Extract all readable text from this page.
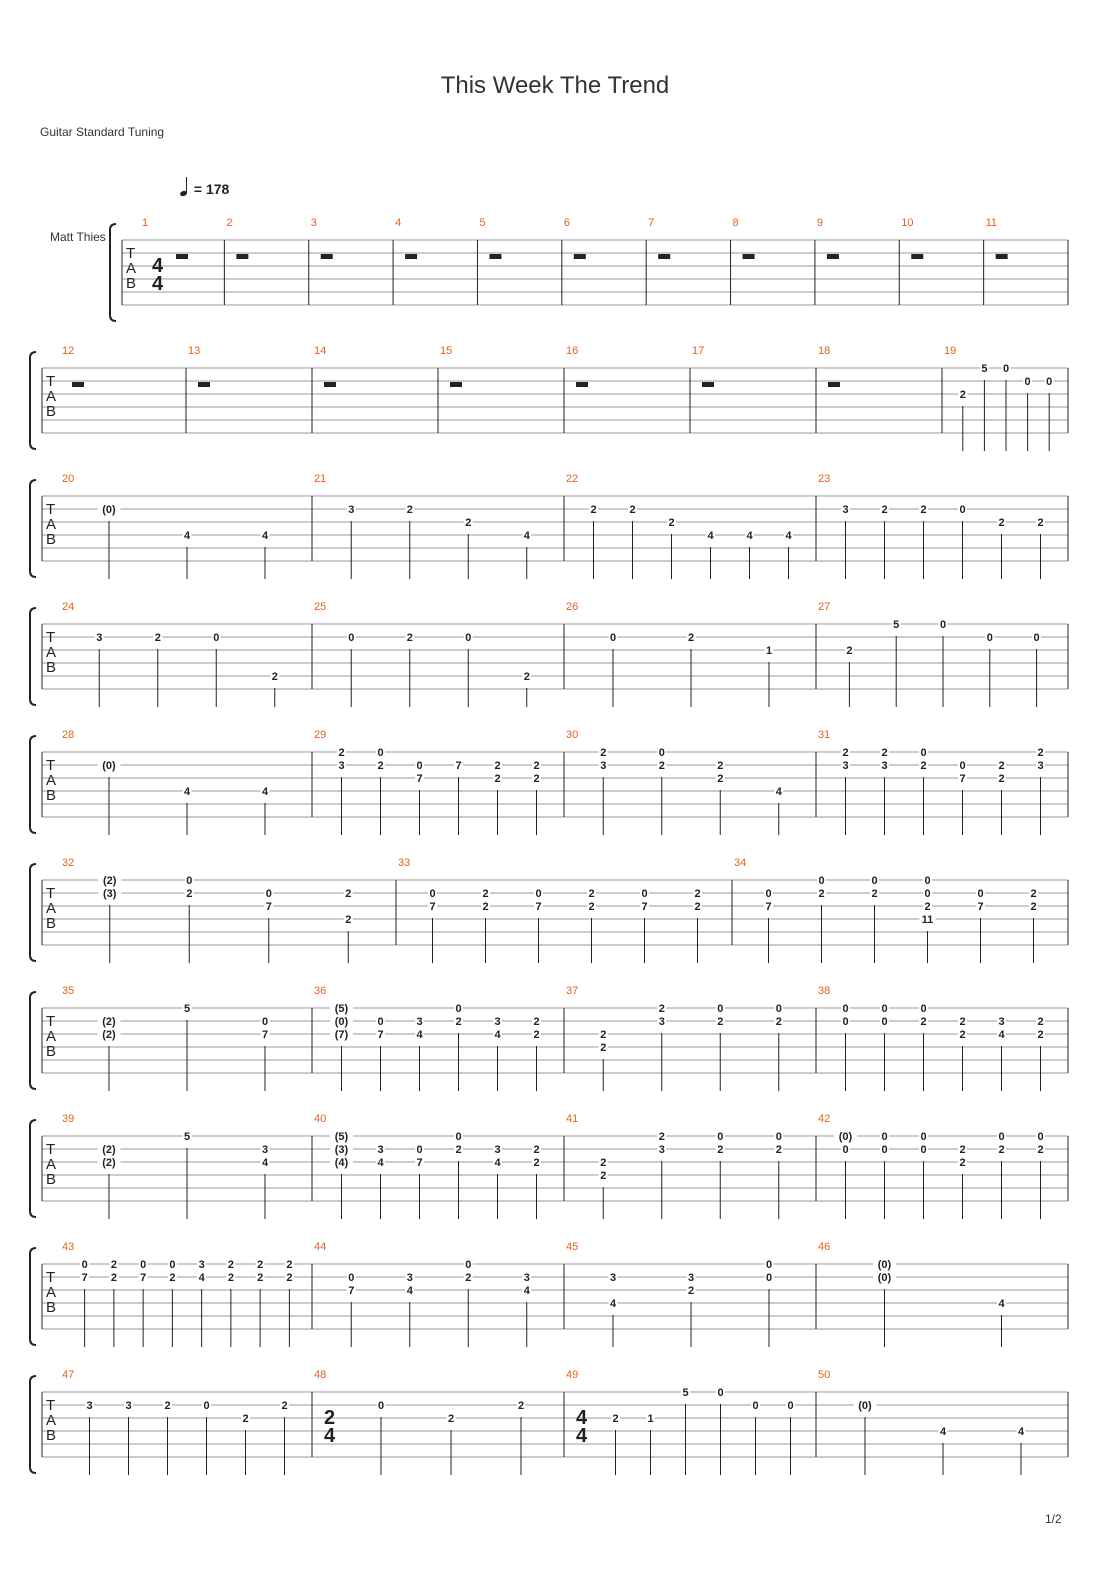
This Week The Trend
Guitar Standard Tuning
= 178
1/2
Matt Thies
T
A
B
1
4
4
2	3	4	5	6	7	8	9	10	11
T
A
B
12	13	14	15	16	17	18	19
2
5 0
0 0
T
A
B
20
(0)
4	4
21
3	2
2
4
22
2	2
2
4	4	4
23
3	2	2	0
2	2
T
A
B
24
3	2	0
2
25
0	2	0
2
26
0	2
1
27
2
5	0
0	0
T
A
B
28
(0)
4	4
29
2
3
0
2	0
7
7	2
2
2
2
30
2
3
0
2	2
2
4
31
2
3
2
3
0
2	0
7
2
2
2
3
T
A
B
32
(2)
(3)
0
2	0
7
2
2
33
0
7
2
2
0
7
2
2
0
7
2
2
34
0
7
0
2
0
2
0
0
2
11
0
7
2
2
T
A
B
35
(2)
(2)
5
0
7
36
(5)
(0)
(7)
0
7
3
4
0
2	3
4
2
2
37
2
2
2
3
0
2
0
2
38
0
0
0
0
0
2	2
2
3
4
2
2
T
A
B
39
(2)
(2)
5
3
4
40
(5)
(3)
(4)
3
4
0
7
0
2	3
4
2
2
41
2
2
2
3
0
2
0
2
42
(0)
0
0
0
0
0	2
2
0
2
0
2
T
A
B
43
0
7
2
2
0
7
0
2
3
4
2
2
2
2
2
2
44
0
7
3
4
0
2	3
4
45
3
4
3
2
0
0
46
(0)
(0)
4
T
A
B
47
3	3	2	0
2
2
48
2
4
0
2
2
49
4
4
2	1
5	0
0	0
50
(0)
4	4
